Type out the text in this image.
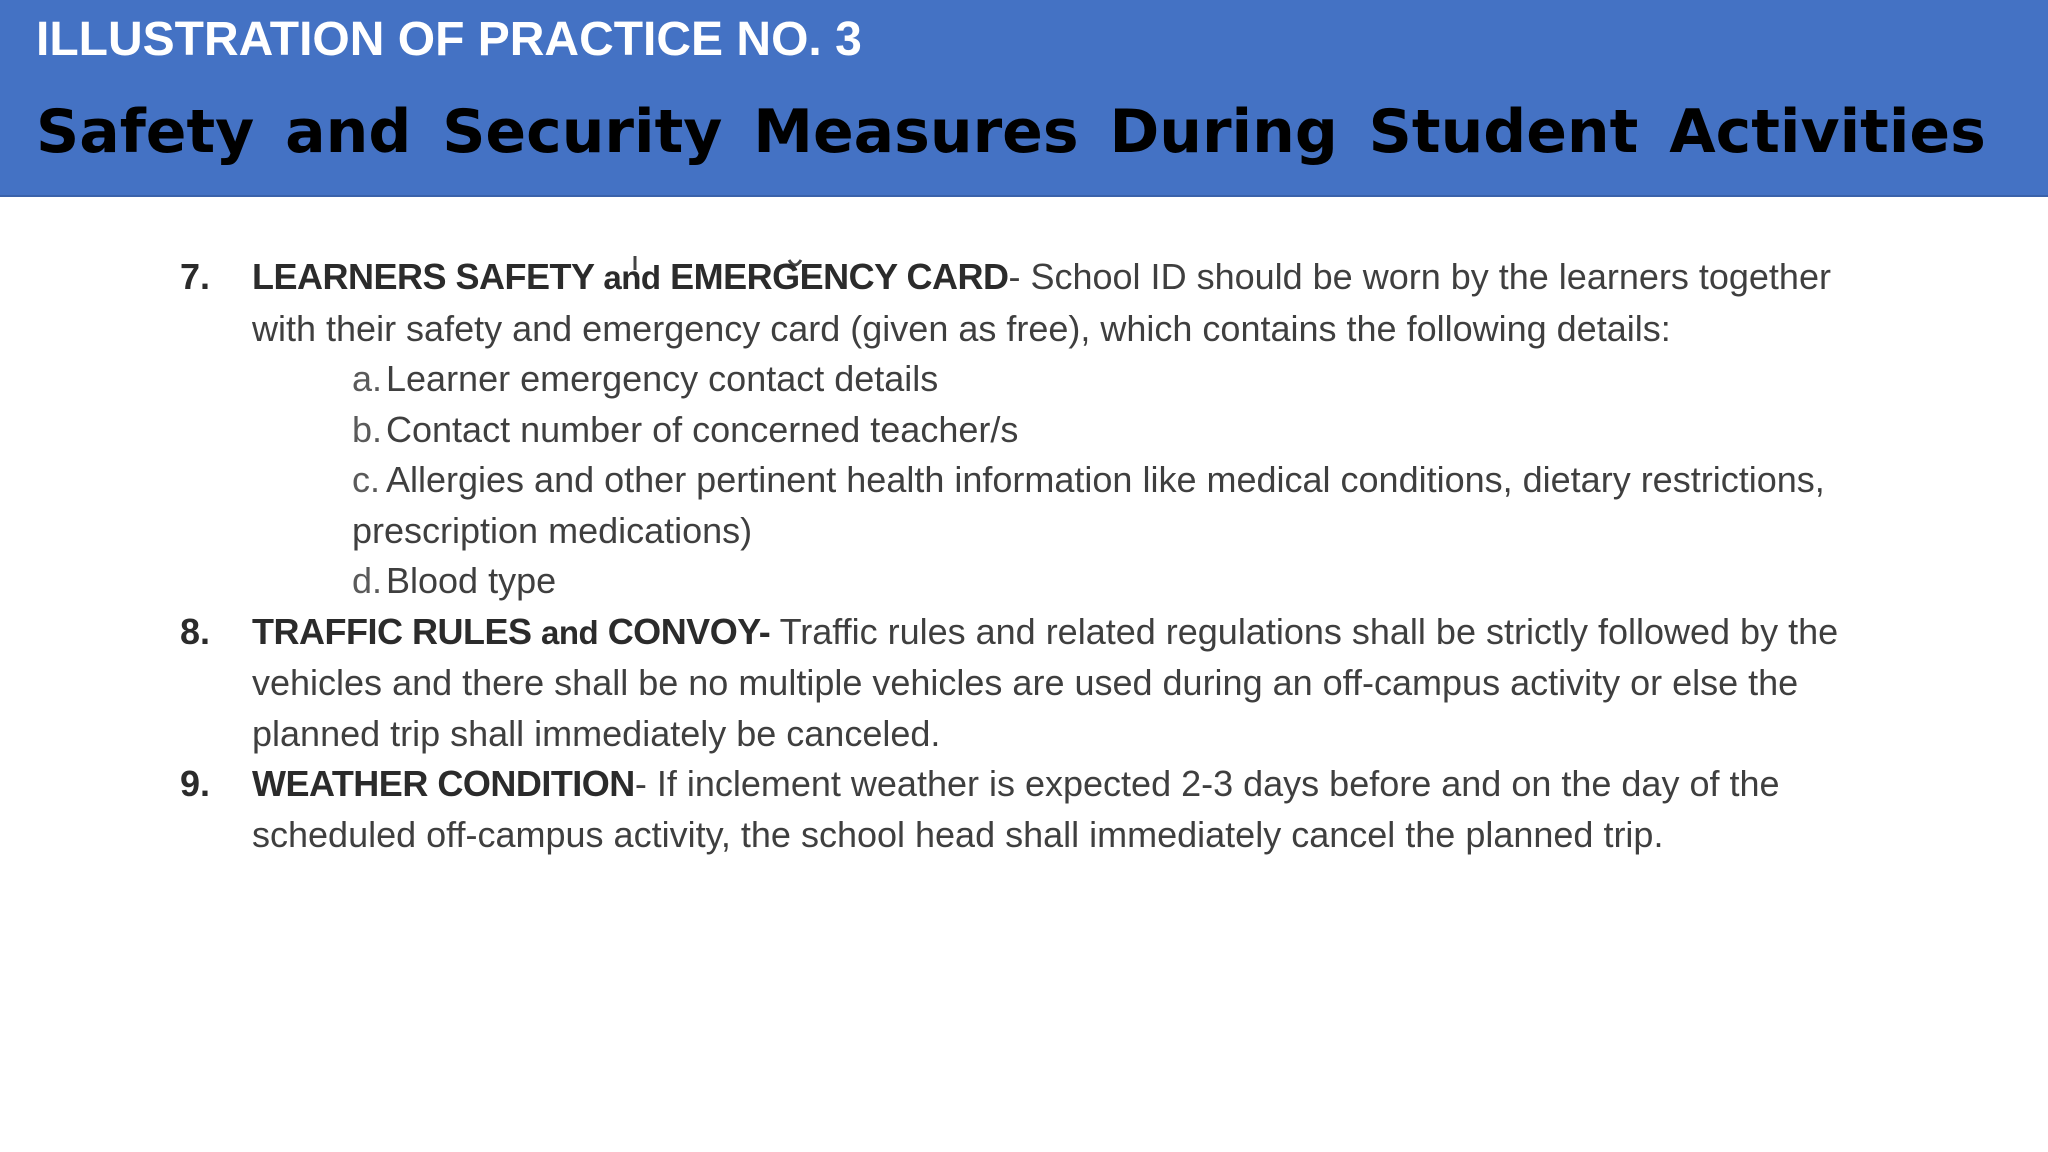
ILLUSTRATION OF PRACTICE NO. 3
Safety and Security Measures During Student Activities
7. LEARNERS SAFETY and EMERGENCY CARD- School ID should be worn by the learners together with their safety and emergency card (given as free), which contains the following details:
a. Learner emergency contact details
b. Contact number of concerned teacher/s
c. Allergies and other pertinent health information like medical conditions, dietary restrictions, prescription medications)
d. Blood type
8. TRAFFIC RULES and CONVOY- Traffic rules and related regulations shall be strictly followed by the vehicles and there shall be no multiple vehicles are used during an off-campus activity or else the planned trip shall immediately be canceled.
9. WEATHER CONDITION- If inclement weather is expected 2-3 days before and on the day of the scheduled off-campus activity, the school head shall immediately cancel the planned trip.
